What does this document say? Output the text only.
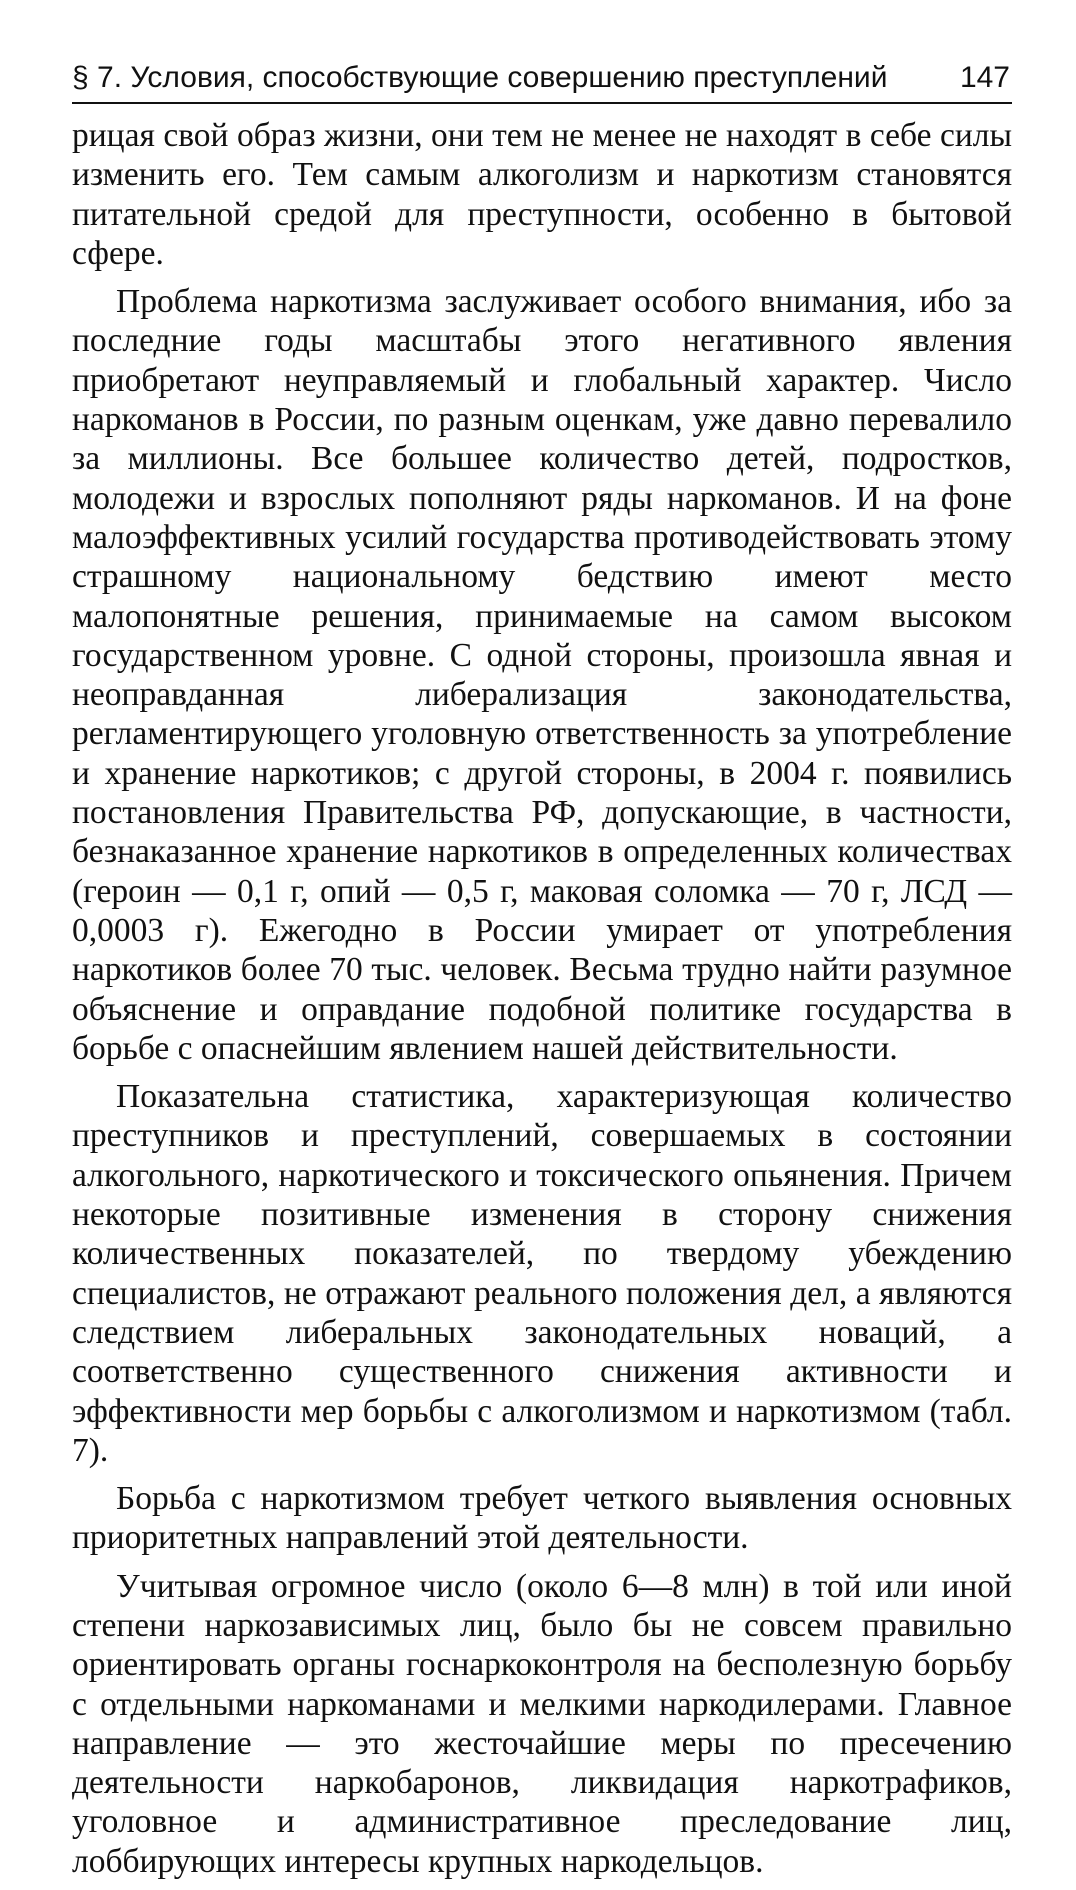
§ 7. Условия, способствующие совершению преступлений 147

рицая свой образ жизни, они тем не менее не находят в себе силы изменить его. Тем самым алкоголизм и наркотизм становятся питательной средой для преступности, особенно в бытовой сфере.

Проблема наркотизма заслуживает особого внимания, ибо за последние годы масштабы этого негативного явления приобретают неуправляемый и глобальный характер. Число наркоманов в России, по разным оценкам, уже давно перевалило за миллионы. Все большее количество детей, подростков, молодежи и взрослых пополняют ряды наркоманов. И на фоне малоэффективных усилий государства противодействовать этому страшному национальному бедствию имеют место малопонятные решения, принимаемые на самом высоком государственном уровне. С одной стороны, произошла явная и неоправданная либерализация законодательства, регламентирующего уголовную ответственность за употребление и хранение наркотиков; с другой стороны, в 2004 г. появились постановления Правительства РФ, допускающие, в частности, безнаказанное хранение наркотиков в определенных количествах (героин — 0,1 г, опий — 0,5 г, маковая соломка — 70 г, ЛСД — 0,0003 г). Ежегодно в России умирает от употребления наркотиков более 70 тыс. человек. Весьма трудно найти разумное объяснение и оправдание подобной политике государства в борьбе с опаснейшим явлением нашей действительности.

Показательна статистика, характеризующая количество преступников и преступлений, совершаемых в состоянии алкогольного, наркотического и токсического опьянения. Причем некоторые позитивные изменения в сторону снижения количественных показателей, по твердому убеждению специалистов, не отражают реального положения дел, а являются следствием либеральных законодательных новаций, а соответственно существенного снижения активности и эффективности мер борьбы с алкоголизмом и наркотизмом (табл. 7).

Борьба с наркотизмом требует четкого выявления основных приоритетных направлений этой деятельности.

Учитывая огромное число (около 6—8 млн) в той или иной степени наркозависимых лиц, было бы не совсем правильно ориентировать органы госнаркоконтроля на бесполезную борьбу с отдельными наркоманами и мелкими наркодилерами. Главное направление — это жесточайшие меры по пресечению деятельности наркобаронов, ликвидация наркотрафиков, уголовное и административное преследование лиц, лоббирующих интересы крупных наркодельцов.
